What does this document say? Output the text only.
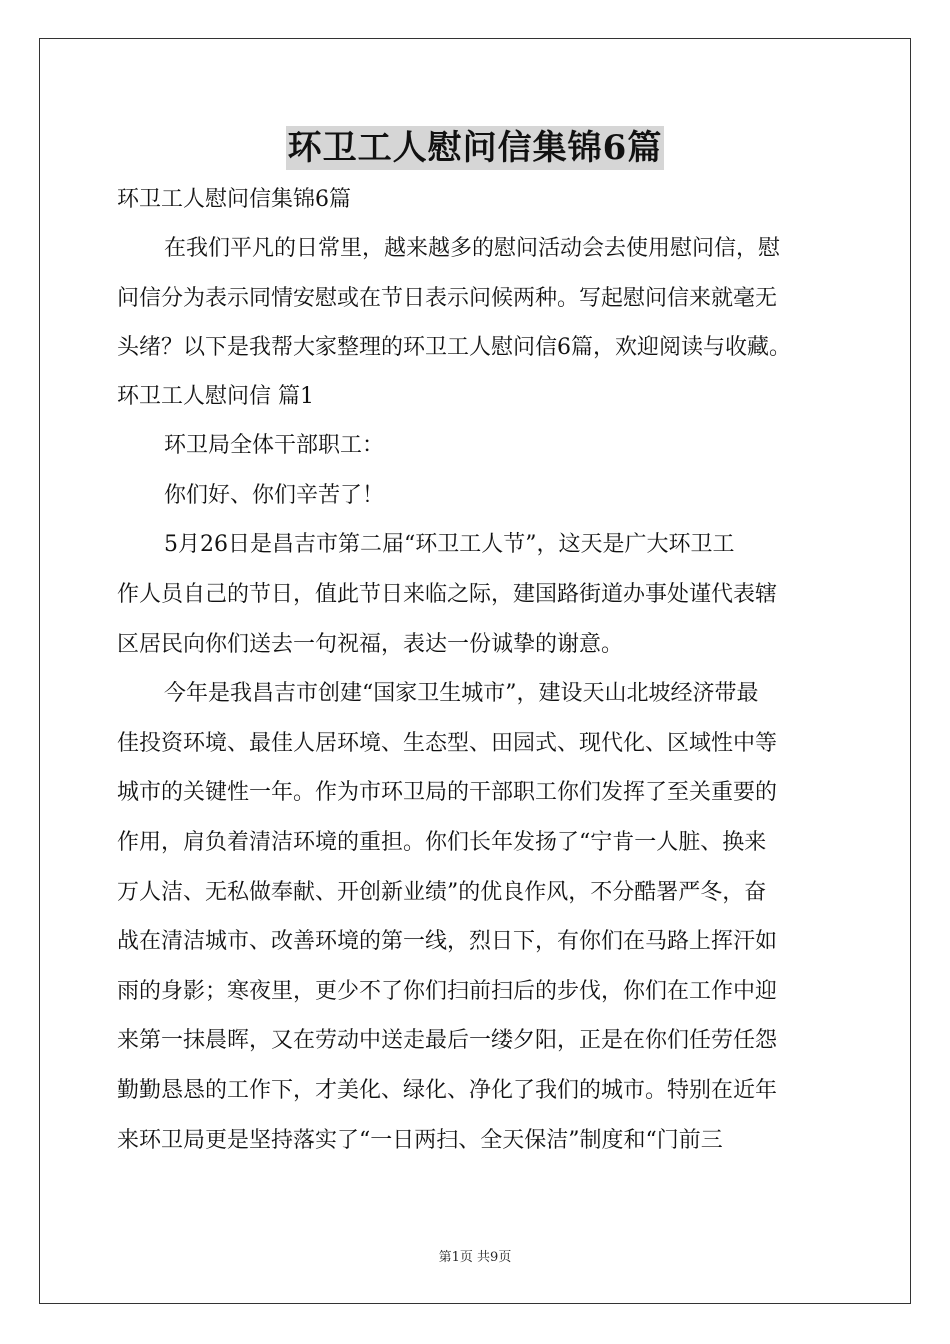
环卫工人慰问信集锦6篇
环卫工人慰问信集锦6篇
在我们平凡的日常里，越来越多的慰问活动会去使用慰问信，慰
问信分为表示同情安慰或在节日表示问候两种。写起慰问信来就毫无
头绪？以下是我帮大家整理的环卫工人慰问信6篇，欢迎阅读与收藏。
环卫工人慰问信 篇1
环卫局全体干部职工：
你们好、你们辛苦了！
5月26日是昌吉市第二届“环卫工人节”，这天是广大环卫工
作人员自己的节日，值此节日来临之际，建国路街道办事处谨代表辖
区居民向你们送去一句祝福，表达一份诚挚的谢意。
今年是我昌吉市创建“国家卫生城市”，建设天山北坡经济带最
佳投资环境、最佳人居环境、生态型、田园式、现代化、区域性中等
城市的关键性一年。作为市环卫局的干部职工你们发挥了至关重要的
作用，肩负着清洁环境的重担。你们长年发扬了“宁肯一人脏、换来
万人洁、无私做奉献、开创新业绩”的优良作风，不分酷署严冬，奋
战在清洁城市、改善环境的第一线，烈日下，有你们在马路上挥汗如
雨的身影；寒夜里，更少不了你们扫前扫后的步伐，你们在工作中迎
来第一抹晨晖，又在劳动中送走最后一缕夕阳，正是在你们任劳任怨
勤勤恳恳的工作下，才美化、绿化、净化了我们的城市。特别在近年
来环卫局更是坚持落实了“一日两扫、全天保洁”制度和“门前三
第1页 共9页
